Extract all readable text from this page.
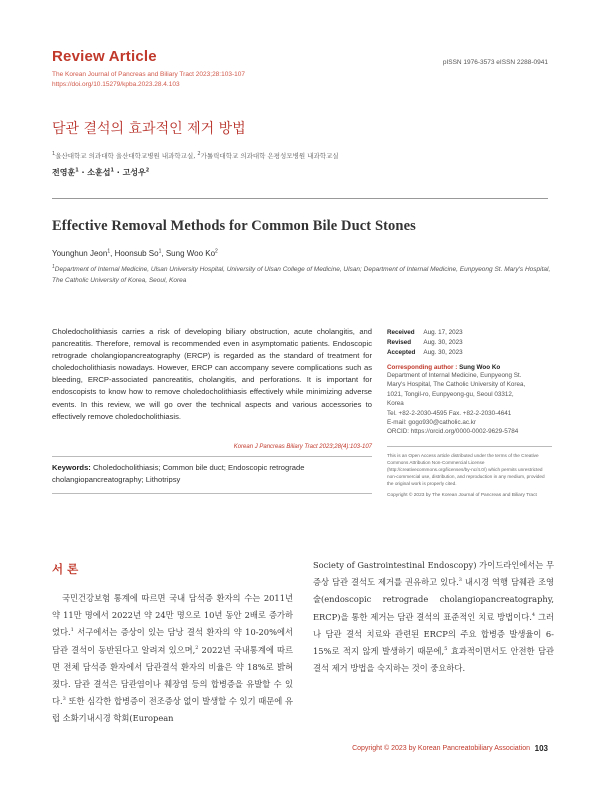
Review Article
The Korean Journal of Pancreas and Biliary Tract 2023;28:103-107
https://doi.org/10.15279/kpba.2023.28.4.103
pISSN 1976-3573 eISSN 2288-0941
담관 결석의 효과적인 제거 방법
$^1$울산대학교 의과대학 울산대학교병원 내과학교실, $^2$가톨릭대학교 의과대학 은평성모병원 내과학교실
전영훈$^1$ · 소훈섭$^1$ · 고성우$^2$
Effective Removal Methods for Common Bile Duct Stones
Younghun Jeon$^1$, Hoonsub So$^1$, Sung Woo Ko$^2$
$^1$Department of Internal Medicine, Ulsan University Hospital, University of Ulsan College of Medicine, Ulsan; Department of Internal Medicine, Eunpyeong St. Mary's Hospital, The Catholic University of Korea, Seoul, Korea
Choledocholithiasis carries a risk of developing biliary obstruction, acute cholangitis, and pancreatitis. Therefore, removal is recommended even in asymptomatic patients. Endoscopic retrograde cholangiopancreatography (ERCP) is regarded as the standard of treatment for choledocholithiasis nowadays. However, ERCP can accompany severe complications such as bleeding, ERCP-associated pancreatitis, cholangitis, and perforations. It is important for endoscopists to know how to remove choledocholithiasis effectively while minimizing adverse events. In this review, we will go over the technical aspects and various accessories to effectively remove choledocholithiasis.
Korean J Pancreas Biliary Tract 2023;28(4):103-107
Keywords: Choledocholithiasis; Common bile duct; Endoscopic retrograde cholangiopancreatography; Lithotripsy
Received Aug. 17, 2023
Revised Aug. 30, 2023
Accepted Aug. 30, 2023
Corresponding author : Sung Woo Ko
Department of Internal Medicine, Eunpyeong St.
Mary's Hospital, The Catholic University of Korea,
1021, Tongil-ro, Eunpyeong-gu, Seoul 03312,
Korea
Tel. +82-2-2030-4595 Fax. +82-2-2030-4641
E-mail: gogo930@catholic.ac.kr
ORCID: https://orcid.org/0000-0002-9629-5784
This is an Open Access article distributed under the terms of the Creative Commons Attribution Non-Commercial License (http://creativecommons.org/licenses/by-nc/4.0/) which permits unrestricted non-commercial use, distribution, and reproduction in any medium, provided the original work is properly cited.
Copyright © 2023 by The Korean Journal of Pancreas and Biliary Tract
서 론
국민건강보험 통계에 따르면 국내 담석증 환자의 수는 2011년 약 11만 명에서 2022년 약 24만 명으로 10년 동안 2배로 증가하였다.$^1$ 서구에서는 증상이 있는 담낭 결석 환자의 약 10-20%에서 담관 결석이 동반된다고 알려져 있으며,$^2$ 2022년 국내통계에 따르면 전체 담석증 환자에서 담관결석 환자의 비율은 약 18%로 밝혀졌다. 담관 결석은 담관염이나 췌장염 등의 합병증을 유발할 수 있다.$^3$ 또한 심각한 합병증이 전조증상 없이 발생할 수 있기 때문에 유럽 소화기내시경 학회(European
Society of Gastrointestinal Endoscopy) 가이드라인에서는 무증상 담관 결석도 제거를 권유하고 있다.$^3$ 내시경 역행 담췌관 조영술(endoscopic retrograde cholangiopancreatography, ERCP)을 통한 제거는 담관 결석의 표준적인 치료 방법이다.$^4$ 그러나 담관 결석 치료와 관련된 ERCP의 주요 합병증 발생율이 6-15%로 적지 않게 발생하기 때문에,$^5$ 효과적이면서도 안전한 담관 결석 제거 방법을 숙지하는 것이 중요하다.
Copyright © 2023 by Korean Pancreatobiliary Association 103
